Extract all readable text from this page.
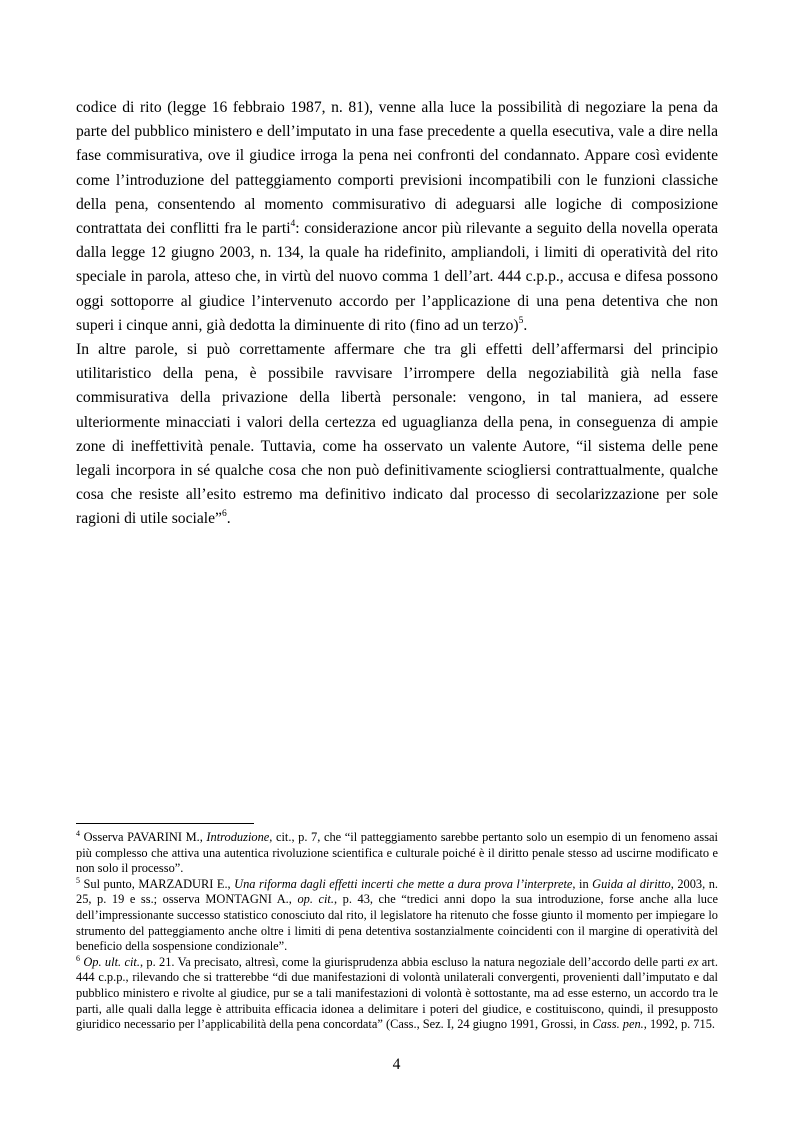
codice di rito (legge 16 febbraio 1987, n. 81), venne alla luce la possibilità di negoziare la pena da parte del pubblico ministero e dell’imputato in una fase precedente a quella esecutiva, vale a dire nella fase commisurativa, ove il giudice irroga la pena nei confronti del condannato. Appare così evidente come l’introduzione del patteggiamento comporti previsioni incompatibili con le funzioni classiche della pena, consentendo al momento commisurativo di adeguarsi alle logiche di composizione contrattata dei conflitti fra le parti$^4$: considerazione ancor più rilevante a seguito della novella operata dalla legge 12 giugno 2003, n. 134, la quale ha ridefinito, ampliandoli, i limiti di operatività del rito speciale in parola, atteso che, in virtù del nuovo comma 1 dell’art. 444 c.p.p., accusa e difesa possono oggi sottoporre al giudice l’intervenuto accordo per l’applicazione di una pena detentiva che non superi i cinque anni, già dedotta la diminuente di rito (fino ad un terzo)$^5$.

In altre parole, si può correttamente affermare che tra gli effetti dell’affermarsi del principio utilitaristico della pena, è possibile ravvisare l’irrompere della negoziabilità già nella fase commisurativa della privazione della libertà personale: vengono, in tal maniera, ad essere ulteriormente minacciati i valori della certezza ed uguaglianza della pena, in conseguenza di ampie zone di ineffettività penale. Tuttavia, come ha osservato un valente Autore, “il sistema delle pene legali incorpora in sé qualche cosa che non può definitivamente sciogliersi contrattualmente, qualche cosa che resiste all’esito estremo ma definitivo indicato dal processo di secolarizzazione per sole ragioni di utile sociale”$^6$.

$^4$ Osserva PAVARINI M., Introduzione, cit., p. 7, che “il patteggiamento sarebbe pertanto solo un esempio di un fenomeno assai più complesso che attiva una autentica rivoluzione scientifica e culturale poiché è il diritto penale stesso ad uscirne modificato e non solo il processo”.

$^5$ Sul punto, MARZADURI E., Una riforma dagli effetti incerti che mette a dura prova l’interprete, in Guida al diritto, 2003, n. 25, p. 19 e ss.; osserva MONTAGNI A., op. cit., p. 43, che “tredici anni dopo la sua introduzione, forse anche alla luce dell’impressionante successo statistico conosciuto dal rito, il legislatore ha ritenuto che fosse giunto il momento per impiegare lo strumento del patteggiamento anche oltre i limiti di pena detentiva sostanzialmente coincidenti con il margine di operatività del beneficio della sospensione condizionale”.

$^6$ Op. ult. cit., p. 21. Va precisato, altresì, come la giurisprudenza abbia escluso la natura negoziale dell’accordo delle parti ex art. 444 c.p.p., rilevando che si tratterebbe “di due manifestazioni di volontà unilaterali convergenti, provenienti dall’imputato e dal pubblico ministero e rivolte al giudice, pur se a tali manifestazioni di volontà è sottostante, ma ad esse esterno, un accordo tra le parti, alle quali dalla legge è attribuita efficacia idonea a delimitare i poteri del giudice, e costituiscono, quindi, il presupposto giuridico necessario per l’applicabilità della pena concordata” (Cass., Sez. I, 24 giugno 1991, Grossi, in Cass. pen., 1992, p. 715.

4
